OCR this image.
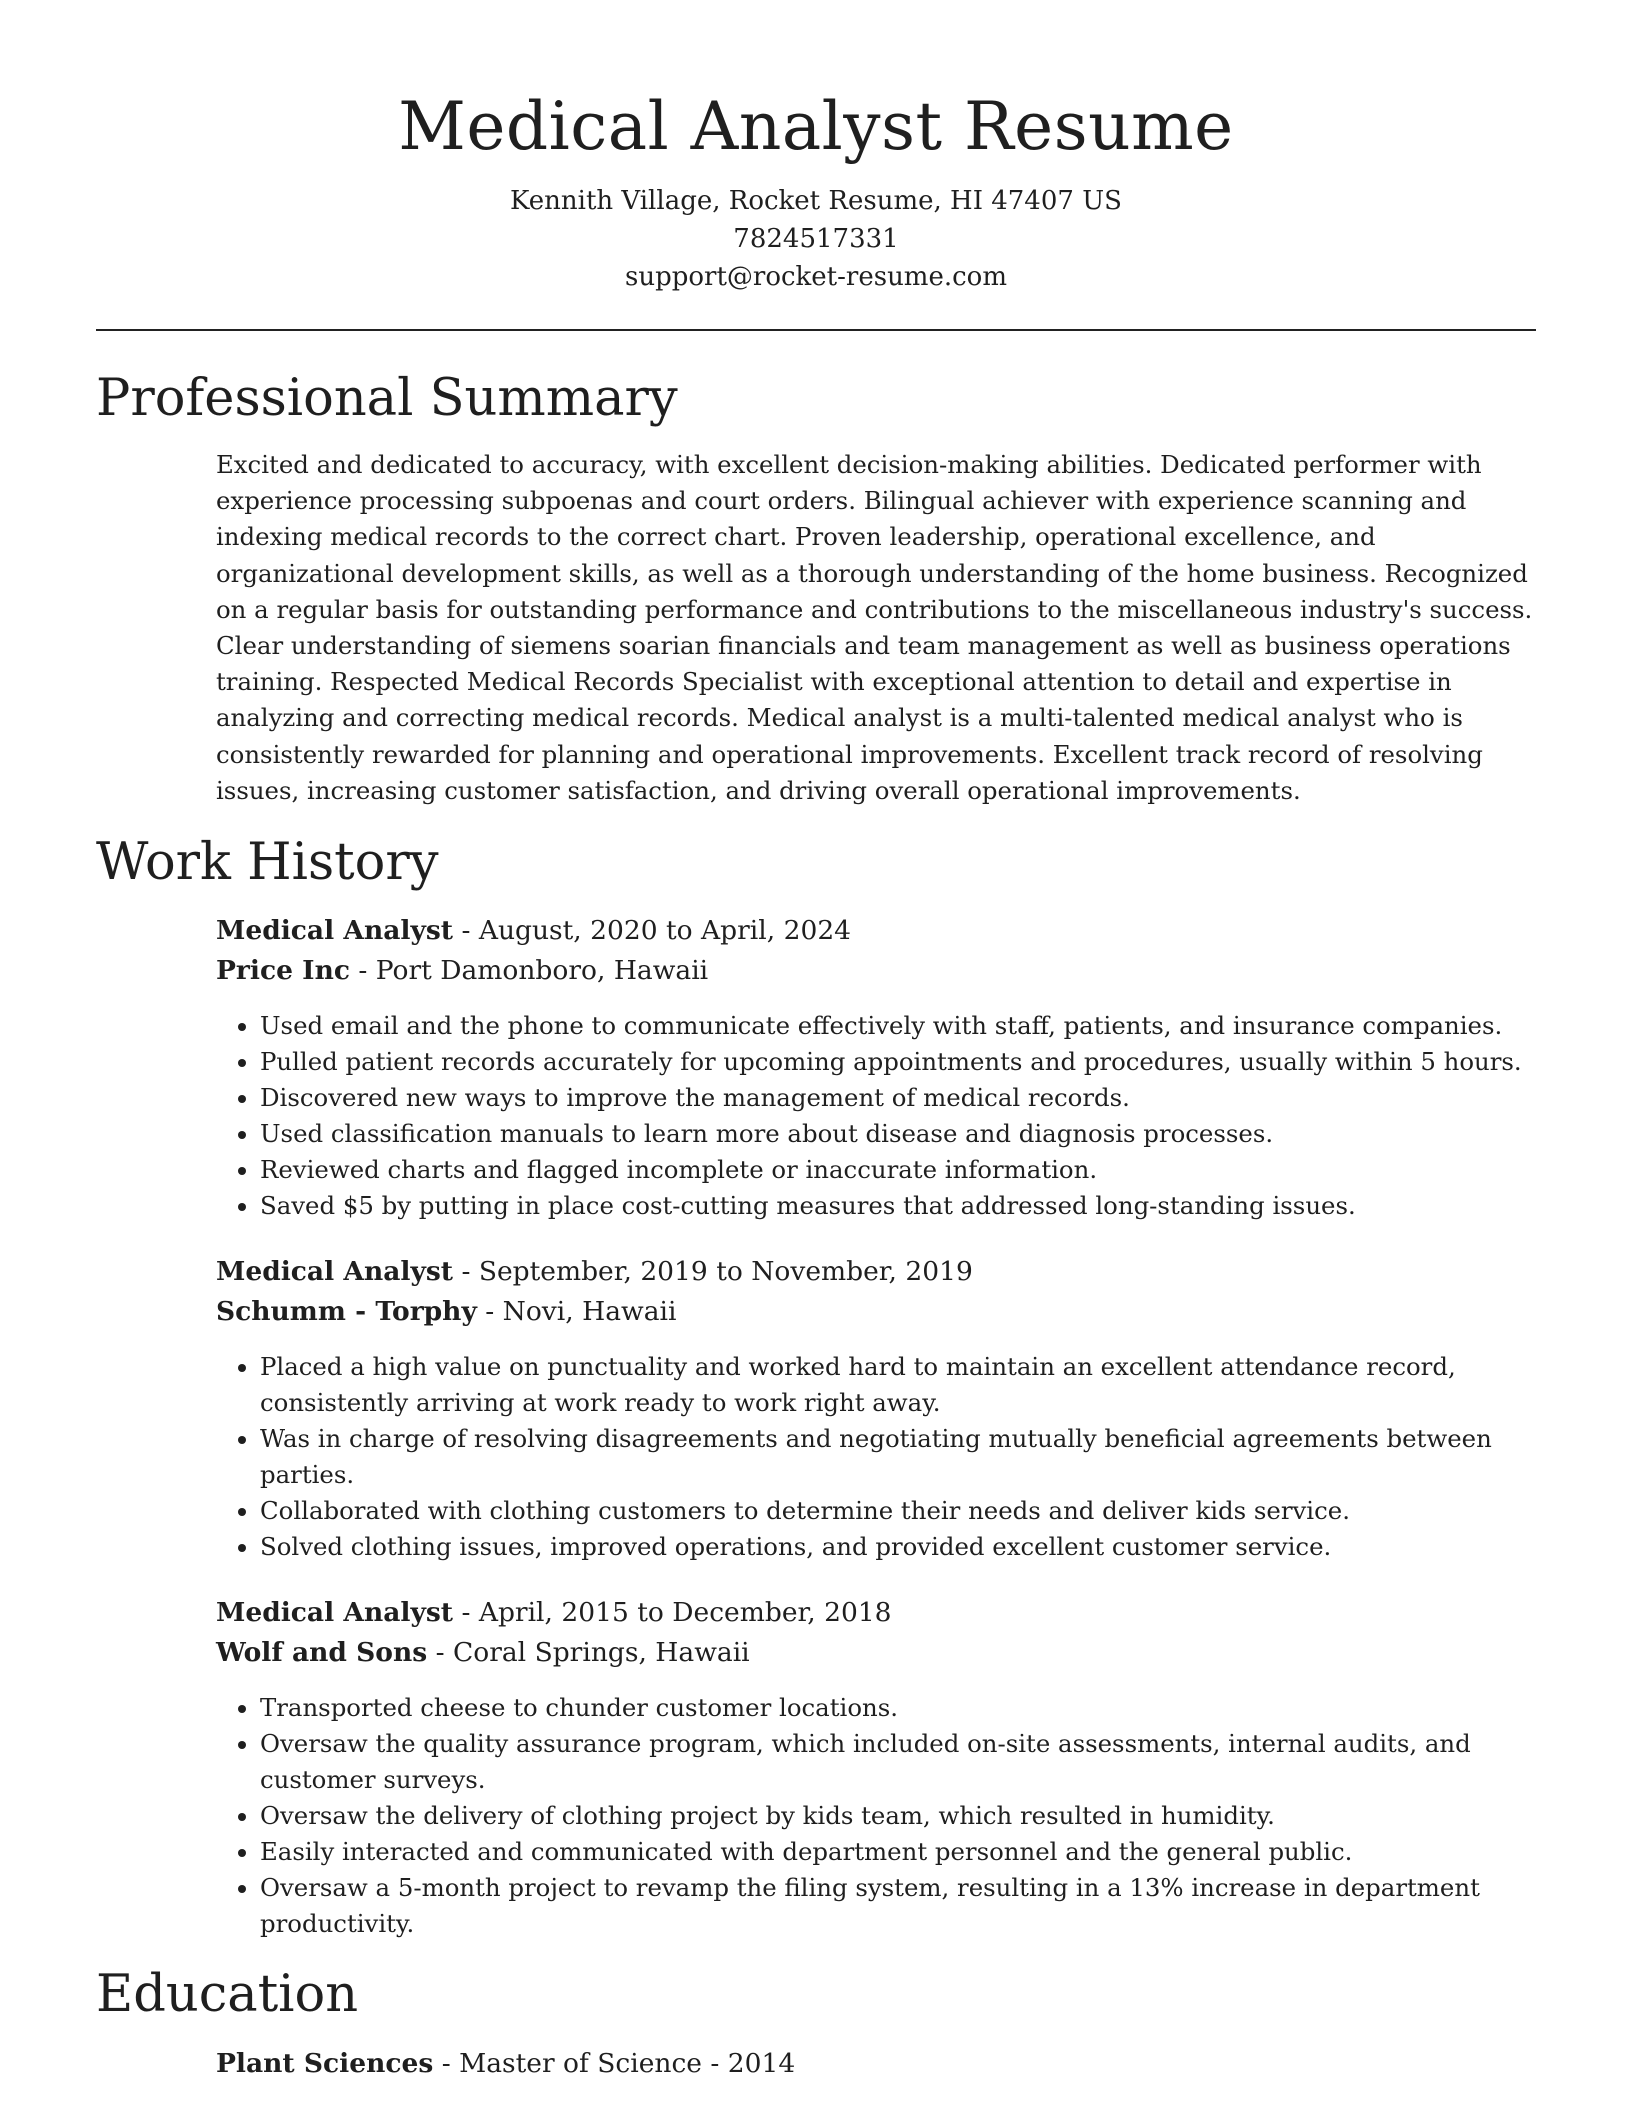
Medical Analyst Resume

Kennith Village, Rocket Resume, HI 47407 US

7824517331

support@rocket-resume.com

Professional Summary

Excited and dedicated to accuracy, with excellent decision-making abilities. Dedicated performer with experience processing subpoenas and court orders. Bilingual achiever with experience scanning and indexing medical records to the correct chart. Proven leadership, operational excellence, and organizational development skills, as well as a thorough understanding of the home business. Recognized on a regular basis for outstanding performance and contributions to the miscellaneous industry's success. Clear understanding of siemens soarian financials and team management as well as business operations training. Respected Medical Records Specialist with exceptional attention to detail and expertise in analyzing and correcting medical records. Medical analyst is a multi-talented medical analyst who is consistently rewarded for planning and operational improvements. Excellent track record of resolving issues, increasing customer satisfaction, and driving overall operational improvements.

Work History

Medical Analyst - August, 2020 to April, 2024

Price Inc - Port Damonboro, Hawaii

• Used email and the phone to communicate effectively with staff, patients, and insurance companies.
• Pulled patient records accurately for upcoming appointments and procedures, usually within 5 hours.
• Discovered new ways to improve the management of medical records.
• Used classification manuals to learn more about disease and diagnosis processes.
• Reviewed charts and flagged incomplete or inaccurate information.
• Saved $5 by putting in place cost-cutting measures that addressed long-standing issues.

Medical Analyst - September, 2019 to November, 2019

Schumm - Torphy - Novi, Hawaii

• Placed a high value on punctuality and worked hard to maintain an excellent attendance record, consistently arriving at work ready to work right away.
• Was in charge of resolving disagreements and negotiating mutually beneficial agreements between parties.
• Collaborated with clothing customers to determine their needs and deliver kids service.
• Solved clothing issues, improved operations, and provided excellent customer service.

Medical Analyst - April, 2015 to December, 2018

Wolf and Sons - Coral Springs, Hawaii

• Transported cheese to chunder customer locations.
• Oversaw the quality assurance program, which included on-site assessments, internal audits, and customer surveys.
• Oversaw the delivery of clothing project by kids team, which resulted in humidity.
• Easily interacted and communicated with department personnel and the general public.
• Oversaw a 5-month project to revamp the filing system, resulting in a 13% increase in department productivity.
Education

Plant Sciences - Master of Science - 2014
